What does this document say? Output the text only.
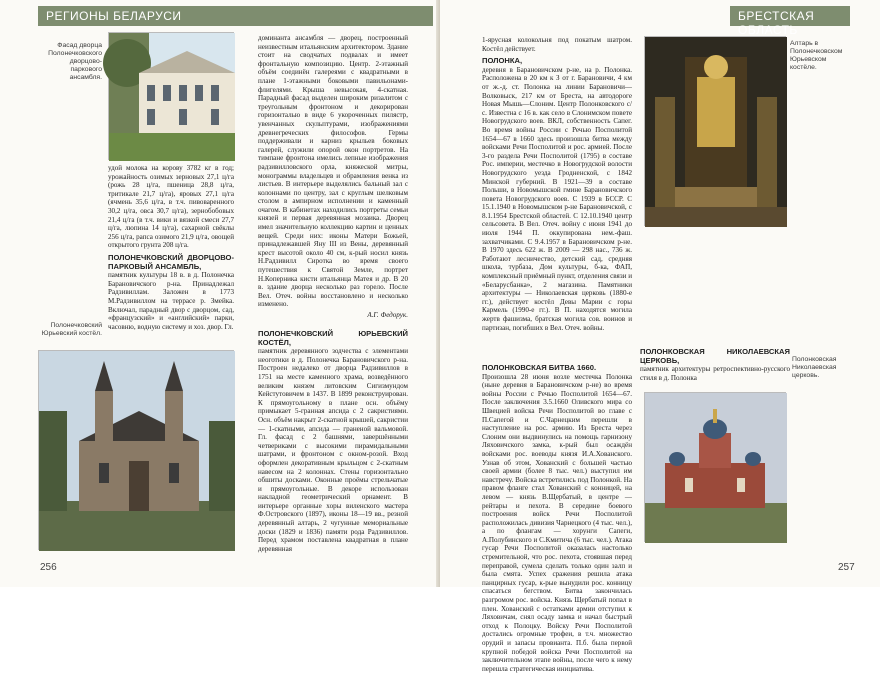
РЕГИОНЫ БЕЛАРУСИ
Фасад дворца Полонечковского дворцово-паркового ансамбля.
удой молока на корову 3782 кг в год; урожайность озимых зерновых 27,1 ц/га (рожь 28 ц/га, пшеница 28,8 ц/га, тритикале 21,7 ц/га), яровых 27,1 ц/га (ячмень 35,6 ц/га, в т.ч. пивоваренного 30,2 ц/га, овса 30,7 ц/га), зернобобовых 21,4 ц/га (в т.ч. вики и вязкой смеси 27,7 ц/га, люпина 14 ц/га), сахарной свёклы 256 ц/га, рапса озимого 21,9 ц/га, овощей открытого грунта 208 ц/га.
ПОЛОНЕЧКОВСКИЙ ДВОРЦОВО-ПАРКОВЫЙ АНСАМБЛЬ,
памятник культуры 18 в. в д. Полонечка Барановичского р-на. Принадлежал Радзивиллам. Заложен в 1773 М.Радзивиллом на террасе р. Змейка. Включал, парадный двор с дворцом, сад, «французский» и «английский» парки, часовню, водную систему и хоз. двор. Гл.
доминанта ансамбля — дворец, построенный неизвестным итальянским архитектором. Здание стоит на сводчатых подвалах и имеет фронтальную композицию. Центр. 2-этажный объём соединён галереями с квадратными в плане 1-этажными боковыми павильонами-флигелями. Крыша невысокая, 4-скатная. Парадный фасад выделен широким ризалитом с треугольным фронтоном и декорирован горизонталью в виде 6 укороченных пилястр, увенчанных скульптурами, изображениями древнегреческих философов. Гермы поддерживали и карниз крыльев боковых галерей, служили опорой окон портретов. На тимпане фронтона имелись лепные изображения радзивилловского орла, княжеской митры, монограммы владельцев и обрамления венка из листьев. В интерьере выделялись бальный зал с колоннами по центру, зал с круглым шелковым столом в ампирном исполнении и каменный очагом. В кабинетах находились портреты семьи князей и первая деревянная мозаика. Дворец имел значительную коллекцию картин и ценных вещей. Среди них: иконы Матери Божьей, принадлежавшей Яну III из Вены, деревянный крест высотой около 40 см, к-рый носил князь Н.Радзивилл Сиротка во время своего путешествия к Святой Земле, портрет Н.Коперника кисти итальянца Матея и др. В 20 в. здание дворца несколько раз горело. После Вел. Отеч. войны восстановлено и несколько изменено.
А.Г. Федорук.
Полонечковский Юрьевский костёл.	ПОЛОНЕЧКОВСКИЙ ЮРЬЕВСКИЙ КОСТЁЛ,
памятник деревянного зодчества с элементами неоготики в д. Полонечка Барановичского р-на. Построен недалеко от дворца Радзивиллов в 1751 на месте каменного храма, возведённого великим князем литовским Сигизмундом Кейстутовичем в 1437. В 1899 реконструирован. К прямоугольному в плане осн. объёму примыкает 5-гранная апсида с 2 сакристиями. Осн. объём накрыт 2-скатной крышей, сакристии — 1-скатными, апсида — граненой вальмовой. Гл. фасад с 2 башнями, завершёнными четвериками с высокими пирамидальными шатрами, и фронтоном с окном-розой. Вход оформлен декоративным крыльцом с 2-скатным навесом на 2 колоннах. Стены горизонтально обшиты досками. Оконные проёмы стрельчатые и прямоугольные. В декоре использован накладной геометрический орнамент. В интерьере органные хоры виленского мастера Ф.Островского (1897), иконы 18—19 вв., резной деревянный алтарь, 2 чугунные мемориальные доски (1829 и 1836) памяти рода Радзивиллов. Перед храмом поставлена квадратная в плане деревянная
256
БРЕСТСКАЯ ОБЛАСТЬ
1-ярусная колокольня под покатым шатром. Костёл действует.
ПОЛОНКА,
деревня в Барановичском р-не, на р. Полонка. Расположена в 20 км к З от г. Барановичи, 4 км от ж.-д. ст. Полонка на линии Барановичи—Волковыск, 217 км от Бреста, на автодороге Новая Мышь—Слоним. Центр Полонковского с/с. Известна с 16 в. как село в Слонимском повете Новогрудского воев. ВКЛ, собственность Сапег. Во время войны России с Речью Посполитой 1654—67 в 1660 здесь произошла битва между войсками Речи Посполитой и рос. армией. После 3-го раздела Речи Посполитой (1795) в составе Рос. империи, местечко в Новогрудской волости Новогрудского уезда Гродненской, с 1842 Минской губерний. В 1921—39 в составе Польши, в Новомышской гмине Барановичского повета Новогрудского воев. С 1939 в БССР. С 15.1.1940 в Новомышском р-не Барановичской, с 8.1.1954 Брестской областей. С 12.10.1940 центр сельсовета. В Вел. Отеч. войну с июня 1941 до июля 1944 П. оккупирована нем.-фаш. захватчиками. С 9.4.1957 в Барановичском р-не. В 1970 здесь 622 ж. В 2009 — 298 нас., 736 ж. Работают лесничество, детский сад, средняя школа, турбаза, Дом культуры, б-ка, ФАП, комплексный приёмный пункт, отделения связи и «Беларусбанка», 2 магазина. Памятники архитектуры — Николаевская церковь (1880-е гг.), действует костёл Девы Марии с горы Кармель (1990-е гг.). В П. находятся могила жертв фашизма, братская могила сов. воинов и партизан, погибших в Вел. Отеч. войны.
ПОЛОНКОВСКАЯ БИТВА 1660.
Произошла 28 июня возле местечка Полонка (ныне деревня в Барановичском р-не) во время войны России с Речью Посполитой 1654—67. После заключения 3.5.1660 Оливского мира со Швецией войска Речи Посполитой во главе с П.Сапегой и С.Чарнецким перешли в наступление на рос. армию. Из Бреста через Слоним они выдвинулись на помощь гарнизону Ляховичского замка, к-рый был осаждён войсками рос. воеводы князя И.А.Хованского. Узнав об этом, Хованский с большей частью своей армии (более 8 тыс. чел.) выступил им навстречу. Войска встретились под Полонкой. На правом фланге стал Хованский с конницей, на левом — князь В.Щербатый, в центре — рейтары и пехота. В середине боевого построения войск Речи Посполитой расположилась дивизия Чарнецкого (4 тыс. чел.), а по флангам — хорунги Сапеги, А.Полубинского и С.Кмитича (6 тыс. чел.). Атака гусар Речи Посполитой оказалась настолько стремительной, что рос. пехота, стоявшая перед переправой, сумела сделать только один залп и была смята. Успех сражения решила атака панцирных гусар, к-рые вынудили рос. конницу спасаться бегством. Битва закончилась разгромом рос. войска. Князь Щербатый попал в плен. Хованский с остатками армии отступил к Ляховичам, снял осаду замка и начал быстрый отход к Полоцку. Войску Речи Посполитой достались огромные трофеи, в т.ч. множество орудий и запасы провианта. П.б. была первой крупной победой войска Речи Посполитой на заключительном этапе войны, после чего к нему перешла стратегическая инициатива.
Алтарь в Полонечковском Юрьевском костёле.
ПОЛОНКОВСКАЯ НИКОЛАЕВСКАЯ ЦЕРКОВЬ,
памятник архитектуры ретроспективно-русского стиля в д. Полонка
Полонковская Николаевская церковь.
257
